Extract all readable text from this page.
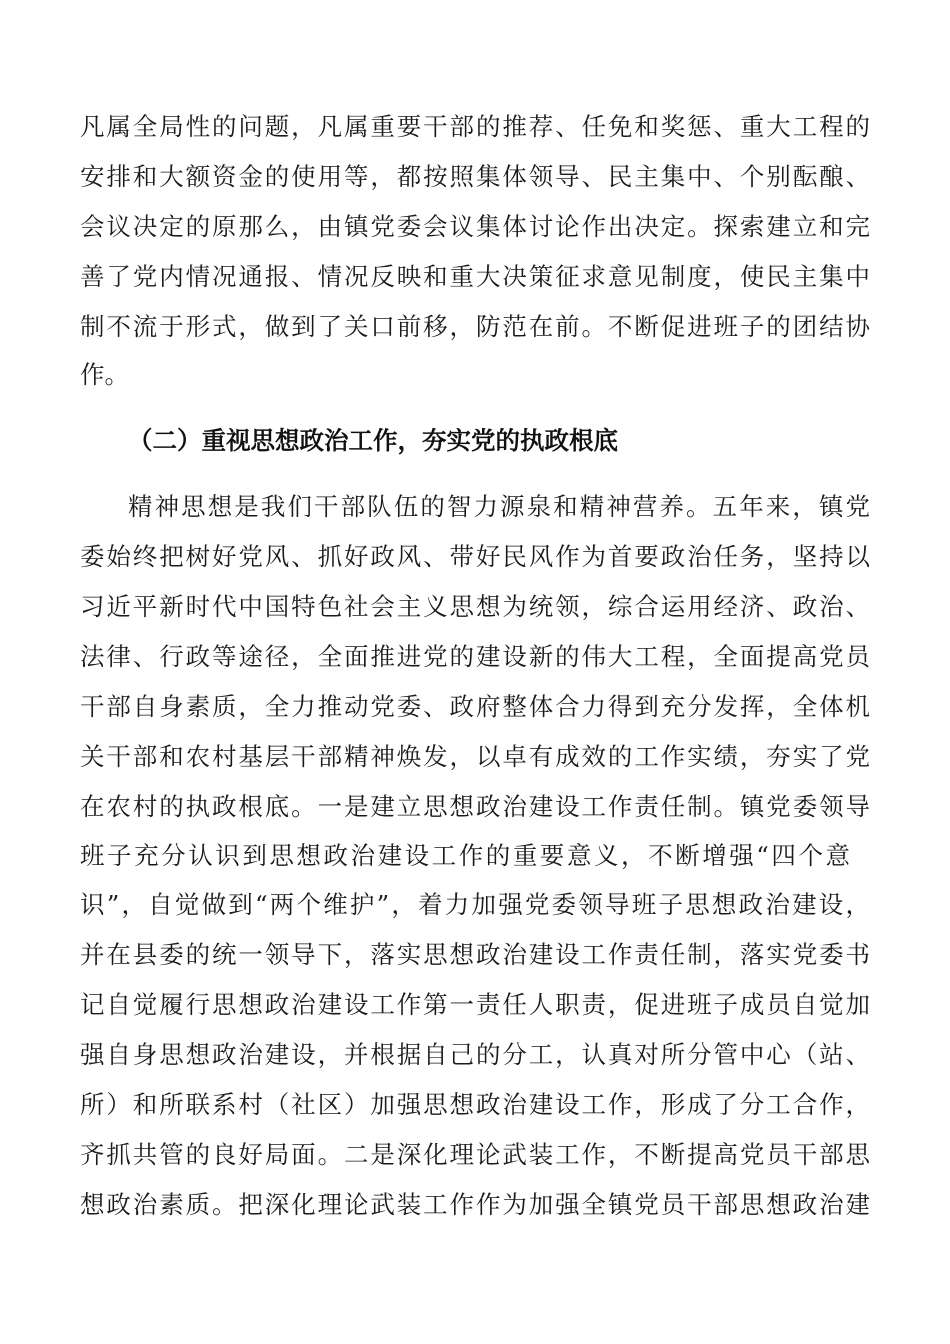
凡属全局性的问题，凡属重要干部的推荐、任免和奖惩、重大工程的
安排和大额资金的使用等，都按照集体领导、民主集中、个别酝酿、
会议决定的原那么，由镇党委会议集体讨论作出决定。探索建立和完
善了党内情况通报、情况反映和重大决策征求意见制度，使民主集中
制不流于形式，做到了关口前移，防范在前。不断促进班子的团结协
作。
（二）重视思想政治工作，夯实党的执政根底
精神思想是我们干部队伍的智力源泉和精神营养。五年来，镇党
委始终把树好党风、抓好政风、带好民风作为首要政治任务，坚持以
习近平新时代中国特色社会主义思想为统领，综合运用经济、政治、
法律、行政等途径，全面推进党的建设新的伟大工程，全面提高党员
干部自身素质，全力推动党委、政府整体合力得到充分发挥，全体机
关干部和农村基层干部精神焕发，以卓有成效的工作实绩，夯实了党
在农村的执政根底。一是建立思想政治建设工作责任制。镇党委领导
班子充分认识到思想政治建设工作的重要意义，不断增强“四个意
识”，自觉做到“两个维护”，着力加强党委领导班子思想政治建设，
并在县委的统一领导下，落实思想政治建设工作责任制，落实党委书
记自觉履行思想政治建设工作第一责任人职责，促进班子成员自觉加
强自身思想政治建设，并根据自己的分工，认真对所分管中心（站、
所）和所联系村（社区）加强思想政治建设工作，形成了分工合作，
齐抓共管的良好局面。二是深化理论武装工作，不断提高党员干部思
想政治素质。把深化理论武装工作作为加强全镇党员干部思想政治建
